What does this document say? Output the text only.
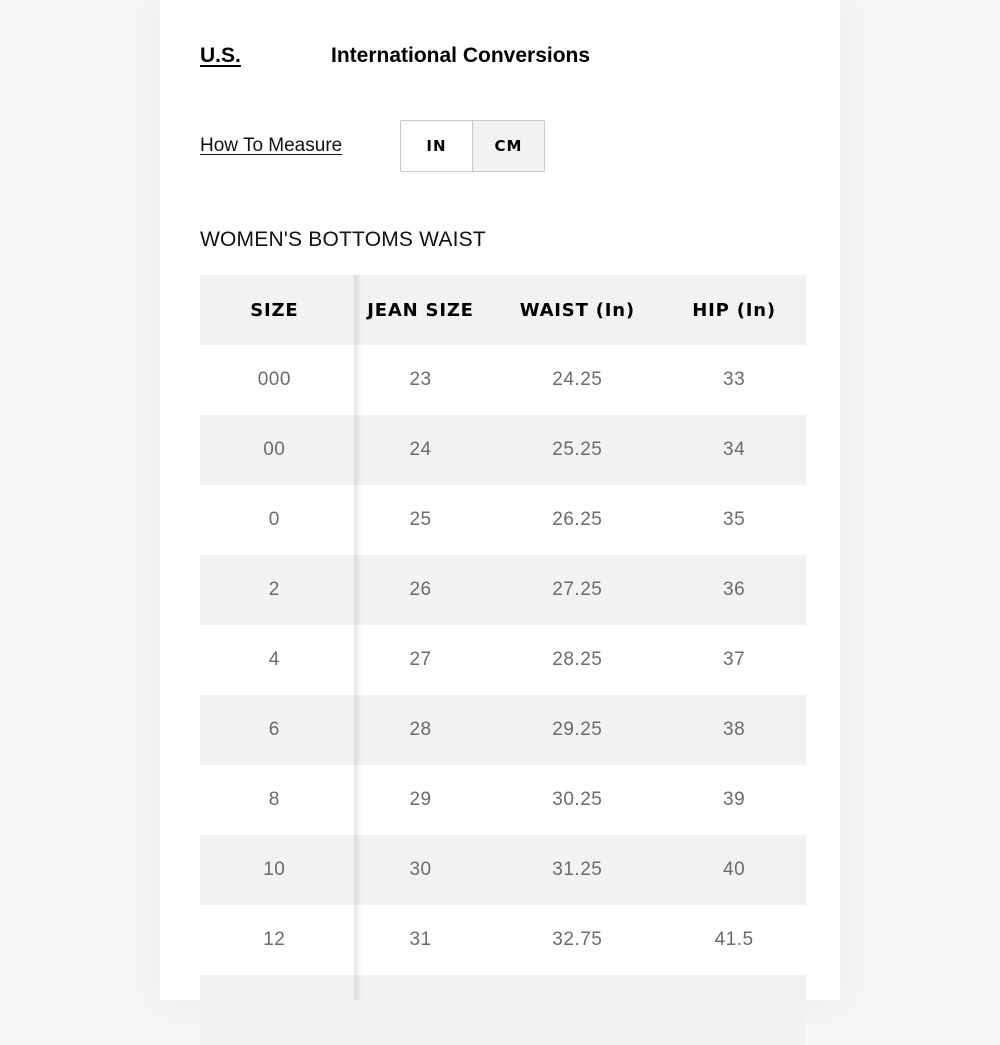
U.S.	International Conversions
How To Measure	IN	CM
WOMEN'S BOTTOMS WAIST
SIZE	JEAN SIZE	WAIST (In)	HIP (In)
000	23	24.25	33
00	24	25.25	34
0	25	26.25	35
2	26	27.25	36
4	27	28.25	37
6	28	29.25	38
8	29	30.25	39
10	30	31.25	40
12	31	32.75	41.5
